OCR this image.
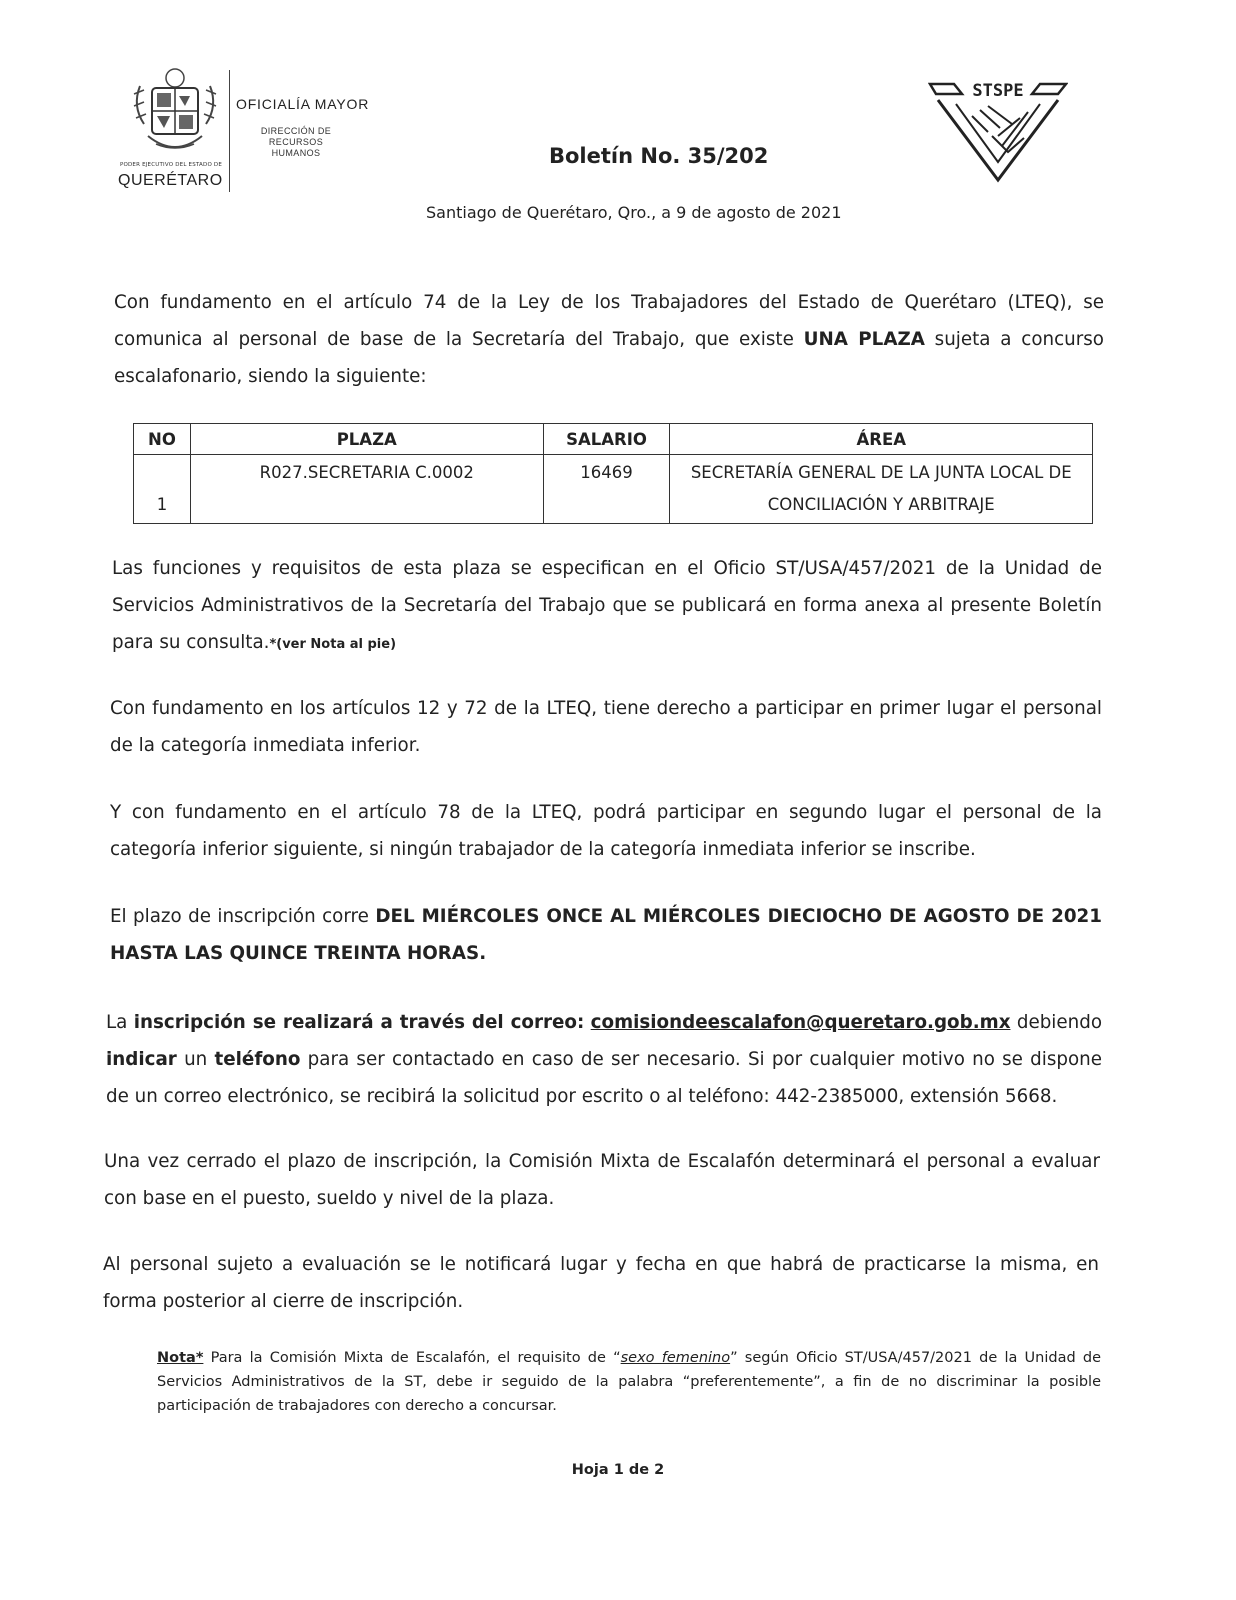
PODER EJECUTIVO DEL ESTADO DE
QUERÉTARO
OFICIALÍA MAYOR
DIRECCIÓN DE RECURSOS
HUMANOS	Boletín No. 35/202
STSPE
Santiago de Querétaro, Qro., a 9 de agosto de 2021

Con fundamento en el artículo 74 de la Ley de los Trabajadores del Estado de Querétaro (LTEQ), se comunica al personal de base de la Secretaría del Trabajo, que existe UNA PLAZA sujeta a concurso escalafonario, siendo la siguiente:

NO	PLAZA	SALARIO	ÁREA
1	R027.SECRETARIA C.0002	16469	SECRETARÍA GENERAL DE LA JUNTA LOCAL DE CONCILIACIÓN Y ARBITRAJE

Las funciones y requisitos de esta plaza se especifican en el Oficio ST/USA/457/2021 de la Unidad de Servicios Administrativos de la Secretaría del Trabajo que se publicará en forma anexa al presente Boletín para su consulta.*(ver Nota al pie)

Con fundamento en los artículos 12 y 72 de la LTEQ, tiene derecho a participar en primer lugar el personal de la categoría inmediata inferior.

Y con fundamento en el artículo 78 de la LTEQ, podrá participar en segundo lugar el personal de la categoría inferior siguiente, si ningún trabajador de la categoría inmediata inferior se inscribe.

El plazo de inscripción corre DEL MIÉRCOLES ONCE AL MIÉRCOLES DIECIOCHO DE AGOSTO DE 2021 HASTA LAS QUINCE TREINTA HORAS.

La inscripción se realizará a través del correo: comisiondeescalafon@queretaro.gob.mx debiendo indicar un teléfono para ser contactado en caso de ser necesario. Si por cualquier motivo no se dispone de un correo electrónico, se recibirá la solicitud por escrito o al teléfono: 442-2385000, extensión 5668.

Una vez cerrado el plazo de inscripción, la Comisión Mixta de Escalafón determinará el personal a evaluar con base en el puesto, sueldo y nivel de la plaza.

Al personal sujeto a evaluación se le notificará lugar y fecha en que habrá de practicarse la misma, en forma posterior al cierre de inscripción.

Nota* Para la Comisión Mixta de Escalafón, el requisito de “sexo femenino” según Oficio ST/USA/457/2021 de la Unidad de Servicios Administrativos de la ST, debe ir seguido de la palabra “preferentemente”, a fin de no discriminar la posible participación de trabajadores con derecho a concursar.

Hoja 1 de 2
